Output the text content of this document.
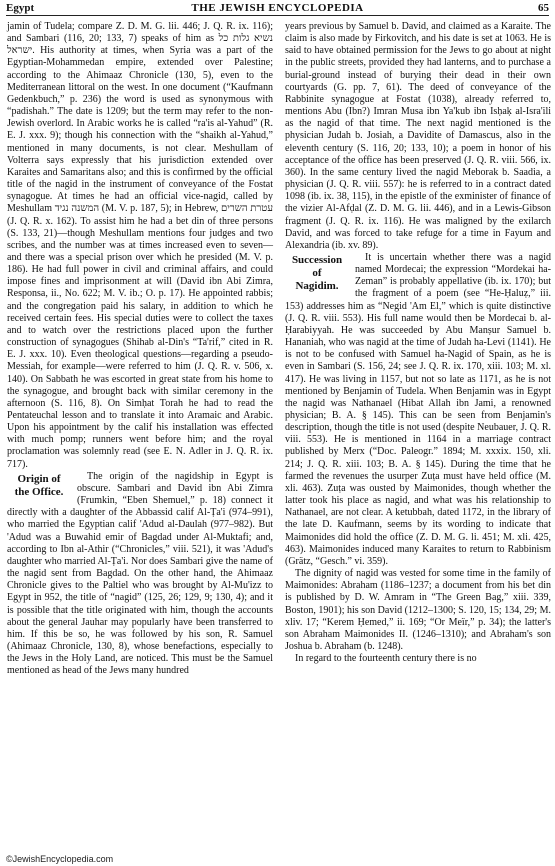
Egypt	THE JEWISH ENCYCLOPEDIA	65

jamin of Tudela; compare Z. D. M. G. lii. 446; J. Q. R. ix. 116); and Sambari (116, 20; 133, 7) speaks of him as נשיא גלות כל ישראל. His authority at times, when Syria was a part of the Egyptian-Mohammedan empire, extended over Palestine; according to the Ahimaaz Chronicle (130, 5), even to the Mediterranean littoral on the west. In one document (“Kaufmann Gedenkbuch,” p. 236) the word is used as synonymous with “padishah.” The date is 1209; but the term may refer to the non-Jewish overlord. In Arabic works he is called “ra'is al-Yahud” (R. E. J. xxx. 9); though his connection with the “shaikh al-Yahud,” mentioned in many documents, is not clear. Meshullam of Volterra says expressly that his jurisdiction extended over Karaites and Samaritans also; and this is confirmed by the official title of the nagid in the instrument of conveyance of the Fostat synagogue. At times he had an official vice-nagid, called by Meshullam המשנה נגיד (M. V. p. 187, 5); in Hebrew, עטרת השרים (J. Q. R. x. 162). To assist him he had a bet din of three persons (S. 133, 21)—though Meshullam mentions four judges and two scribes, and the number was at times increased even to seven—and there was a special prison over which he presided (M. V. p. 186). He had full power in civil and criminal affairs, and could impose fines and imprisonment at will (David ibn Abi Zimra, Responsa, ii., No. 622; M. V. ib.; O. p. 17). He appointed rabbis; and the congregation paid his salary, in addition to which he received certain fees. His special duties were to collect the taxes and to watch over the restrictions placed upon the further construction of synagogues (Shihab al-Din's “Ta'rif,” cited in R. E. J. xxx. 10). Even theological questions—regarding a pseudo-Messiah, for example—were referred to him (J. Q. R. v. 506, x. 140). On Sabbath he was escorted in great state from his home to the synagogue, and brought back with similar ceremony in the afternoon (S. 116, 8). On Simḥat Torah he had to read the Pentateuchal lesson and to translate it into Aramaic and Arabic. Upon his appointment by the calif his installation was effected with much pomp; runners went before him; and the royal proclamation was solemnly read (see E. N. Adler in J. Q. R. ix. 717).

Origin of
the Office.

The origin of the nagidship in Egypt is obscure. Sambari and David ibn Abi Zimra (Frumkin, “Eben Shemuel,” p. 18) connect it directly with a daughter of the Abbassid calif Al-Ṭa'i (974–991), who married the Egyptian calif 'Adud al-Daulah (977–982). But 'Adud was a Buwahid emir of Bagdad under Al-Muktafi; and, according to Ibn al-Athir (“Chronicles,” viii. 521), it was 'Adud's daughter who married Al-Ṭa'i. Nor does Sambari give the name of the nagid sent from Bagdad. On the other hand, the Ahimaaz Chronicle gives to the Paltiel who was brought by Al-Mu'izz to Egypt in 952, the title of “nagid” (125, 26; 129, 9; 130, 4); and it is possible that the title originated with him, though the accounts about the general Jauhar may popularly have been transferred to him. If this be so, he was followed by his son, R. Samuel (Ahimaaz Chronicle, 130, 8), whose benefactions, especially to the Jews in the Holy Land, are noticed. This must be the Samuel mentioned as head of the Jews many hundred

years previous by Samuel b. David, and claimed as a Karaite. The claim is also made by Firkovitch, and his date is set at 1063. He is said to have obtained permission for the Jews to go about at night in the public streets, provided they had lanterns, and to purchase a burial-ground instead of burying their dead in their own courtyards (G. pp. 7, 61). The deed of conveyance of the Rabbinite synagogue at Fostat (1038), already referred to, mentions Abu (Ibn?) Imran Musa ibn Ya'kub ibn Isḥaḳ al-Isra'ili as the nagid of that time. The next nagid mentioned is the physician Judah b. Josiah, a Davidite of Damascus, also in the eleventh century (S. 116, 20; 133, 10); a poem in honor of his acceptance of the office has been preserved (J. Q. R. viii. 566, ix. 360). In the same century lived the nagid Meborak b. Saadia, a physician (J. Q. R. viii. 557): he is referred to in a contract dated 1098 (ib. ix. 38, 115), in the epistle of the exminister of finance of the vizier Al-Afḍal (Z. D. M. G. lii. 446), and in a Lewis-Gibson fragment (J. Q. R. ix. 116). He was maligned by the exilarch David, and was forced to take refuge for a time in Fayum and Alexandria (ib. xv. 89).

Succession
of
Nagidim.

It is uncertain whether there was a nagid named Mordecai; the expression “Mordekai ha-Zeman” is probably appellative (ib. ix. 170); but the fragment of a poem (see “He-Ḥaluẓ,” iii. 153) addresses him as “Negid 'Am El,” which is quite distinctive (J. Q. R. viii. 553). His full name would then be Mordecai b. al-Ḥarabiyyah. He was succeeded by Abu Manṣur Samuel b. Hananiah, who was nagid at the time of Judah ha-Levi (1141). He is not to be confused with Samuel ha-Nagid of Spain, as he is even in Sambari (S. 156, 24; see J. Q. R. ix. 170, xiii. 103; M. xl. 417). He was living in 1157, but not so late as 1171, as he is not mentioned by Benjamin of Tudela. When Benjamin was in Egypt the nagid was Nathanael (Hibat Allah ibn Jami, a renowned physician; B. A. § 145). This can be seen from Benjamin's description, though the title is not used (despite Neubauer, J. Q. R. viii. 553). He is mentioned in 1164 in a marriage contract published by Merx (“Doc. Paleogr.” 1894; M. xxxix. 150, xli. 214; J. Q. R. xiii. 103; B. A. § 145). During the time that he farmed the revenues the usurper Zuṭa must have held office (M. xli. 463). Zuṭa was ousted by Maimonides, though whether the latter took his place as nagid, and what was his relationship to Nathanael, are not clear. A ketubbah, dated 1172, in the library of the late D. Kaufmann, seems by its wording to indicate that Maimonides did hold the office (Z. D. M. G. li. 451; M. xli. 425, 463). Maimonides induced many Karaites to return to Rabbinism (Grätz, “Gesch.” vi. 359).

The dignity of nagid was vested for some time in the family of Maimonides: Abraham (1186–1237; a document from his bet din is published by D. W. Amram in “The Green Bag,” xiii. 339, Boston, 1901); his son David (1212–1300; S. 120, 15; 134, 29; M. xliv. 17; “Kerem Ḥemed,” ii. 169; “Or Meïr,” p. 34); the latter's son Abraham Maimonides II. (1246–1310); and Abraham's son Joshua b. Abraham (b. 1248).

In regard to the fourteenth century there is no

©JewishEncyclopedia.com
